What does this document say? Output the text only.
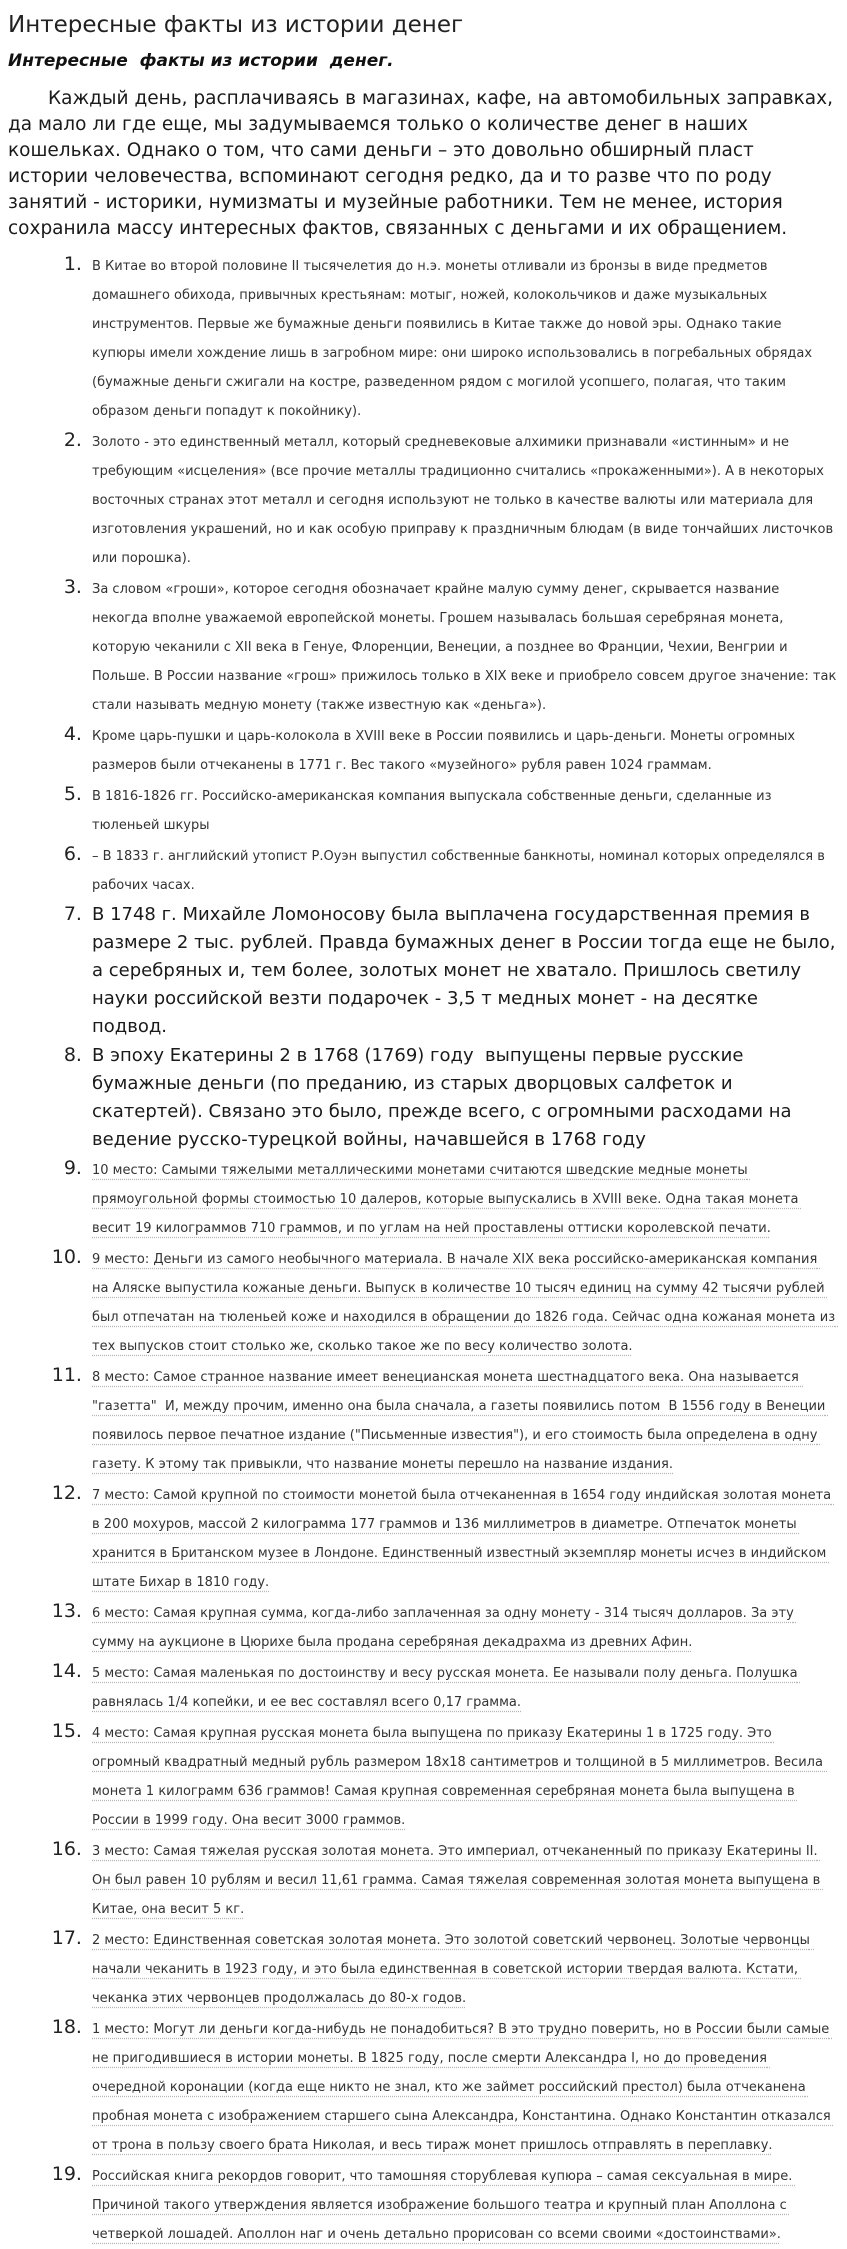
Интересные факты из истории денег
Интересные  факты из истории  денег.

Каждый день, расплачиваясь в магазинах, кафе, на автомобильных заправках, да мало ли где еще, мы задумываемся только о количестве денег в наших кошельках. Однако о том, что сами деньги – это довольно обширный пласт истории человечества, вспоминают сегодня редко, да и то разве что по роду занятий - историки, нумизматы и музейные работники. Тем не менее, история сохранила массу интересных фактов, связанных с деньгами и их обращением.

1. В Китае во второй половине II тысячелетия до н.э. монеты отливали из бронзы в виде предметов домашнего обихода, привычных крестьянам: мотыг, ножей, колокольчиков и даже музыкальных инструментов. Первые же бумажные деньги появились в Китае также до новой эры. Однако такие купюры имели хождение лишь в загробном мире: они широко использовались в погребальных обрядах (бумажные деньги сжигали на костре, разведенном рядом с могилой усопшего, полагая, что таким образом деньги попадут к покойнику).
2. Золото - это единственный металл, который средневековые алхимики признавали «истинным» и не требующим «исцеления» (все прочие металлы традиционно считались «прокаженными»). А в некоторых восточных странах этот металл и сегодня используют не только в качестве валюты или материала для изготовления украшений, но и как особую приправу к праздничным блюдам (в виде тончайших листочков или порошка).
3. За словом «гроши», которое сегодня обозначает крайне малую сумму денег, скрывается название некогда вполне уважаемой европейской монеты. Грошем называлась большая серебряная монета, которую чеканили с XII века в Генуе, Флоренции, Венеции, а позднее во Франции, Чехии, Венгрии и Польше. В России название «грош» прижилось только в XIX веке и приобрело совсем другое значение: так стали называть медную монету (также известную как «деньга»).
4. Кроме царь-пушки и царь-колокола в XVIII веке в России появились и царь-деньги. Монеты огромных размеров были отчеканены в 1771 г. Вес такого «музейного» рубля равен 1024 граммам.
5. В 1816-1826 гг. Российско-американская компания выпускала собственные деньги, сделанные из тюленьей шкуры
6. – В 1833 г. английский утопист Р.Оуэн выпустил собственные банкноты, номинал которых определялся в рабочих часах.
7. В 1748 г. Михайле Ломоносову была выплачена государственная премия в размере 2 тыс. рублей. Правда бумажных денег в России тогда еще не было, а серебряных и, тем более, золотых монет не хватало. Пришлось светилу науки российской везти подарочек - 3,5 т медных монет - на десятке подвод.
8. В эпоху Екатерины 2 в 1768 (1769) году  выпущены первые русские бумажные деньги (по преданию, из старых дворцовых салфеток и скатертей). Связано это было, прежде всего, с огромными расходами на ведение русско-турецкой войны, начавшейся в 1768 году
9. 10 место: Самыми тяжелыми металлическими монетами считаются шведские медные монеты прямоугольной формы стоимостью 10 далеров, которые выпускались в XVIII веке. Одна такая монета весит 19 килограммов 710 граммов, и по углам на ней проставлены оттиски королевской печати.
10. 9 место: Деньги из самого необычного материала. В начале XIX века российско-американская компания на Аляске выпустила кожаные деньги. Выпуск в количестве 10 тысяч единиц на сумму 42 тысячи рублей был отпечатан на тюленьей коже и находился в обращении до 1826 года. Сейчас одна кожаная монета из тех выпусков стоит столько же, сколько такое же по весу количество золота.
11. 8 место: Самое странное название имеет венецианская монета шестнадцатого века. Она называется "газетта"  И, между прочим, именно она была сначала, а газеты появились потом  В 1556 году в Венеции появилось первое печатное издание ("Письменные известия"), и его стоимость была определена в одну газету. К этому так привыкли, что название монеты перешло на название издания.
12. 7 место: Самой крупной по стоимости монетой была отчеканенная в 1654 году индийская золотая монета в 200 мохуров, массой 2 килограмма 177 граммов и 136 миллиметров в диаметре. Отпечаток монеты хранится в Британском музее в Лондоне. Единственный известный экземпляр монеты исчез в индийском штате Бихар в 1810 году.
13. 6 место: Самая крупная сумма, когда-либо заплаченная за одну монету - 314 тысяч долларов. За эту сумму на аукционе в Цюрихе была продана серебряная декадрахма из древних Афин.
14. 5 место: Самая маленькая по достоинству и весу русская монета. Ее называли полу деньга. Полушка равнялась 1/4 копейки, и ее вес составлял всего 0,17 грамма.
15. 4 место: Самая крупная русская монета была выпущена по приказу Екатерины 1 в 1725 году. Это огромный квадратный медный рубль размером 18х18 сантиметров и толщиной в 5 миллиметров. Весила монета 1 килограмм 636 граммов! Самая крупная современная серебряная монета была выпущена в России в 1999 году. Она весит 3000 граммов.
16. 3 место: Самая тяжелая русская золотая монета. Это империал, отчеканенный по приказу Екатерины II. Он был равен 10 рублям и весил 11,61 грамма. Самая тяжелая современная золотая монета выпущена в Китае, она весит 5 кг.
17. 2 место: Единственная советская золотая монета. Это золотой советский червонец. Золотые червонцы начали чеканить в 1923 году, и это была единственная в советской истории твердая валюта. Кстати, чеканка этих червонцев продолжалась до 80-х годов.
18. 1 место: Могут ли деньги когда-нибудь не понадобиться? В это трудно поверить, но в России были самые не пригодившиеся в истории монеты. В 1825 году, после смерти Александра I, но до проведения очередной коронации (когда еще никто не знал, кто же займет российский престол) была отчеканена пробная монета с изображением старшего сына Александра, Константина. Однако Константин отказался от трона в пользу своего брата Николая, и весь тираж монет пришлось отправлять в переплавку.
19. Российская книга рекордов говорит, что тамошняя сторублевая купюра – самая сексуальная в мире. Причиной такого утверждения является изображение большого театра и крупный план Аполлона с четверкой лошадей. Аполлон наг и очень детально прорисован со всеми своими «достоинствами».
